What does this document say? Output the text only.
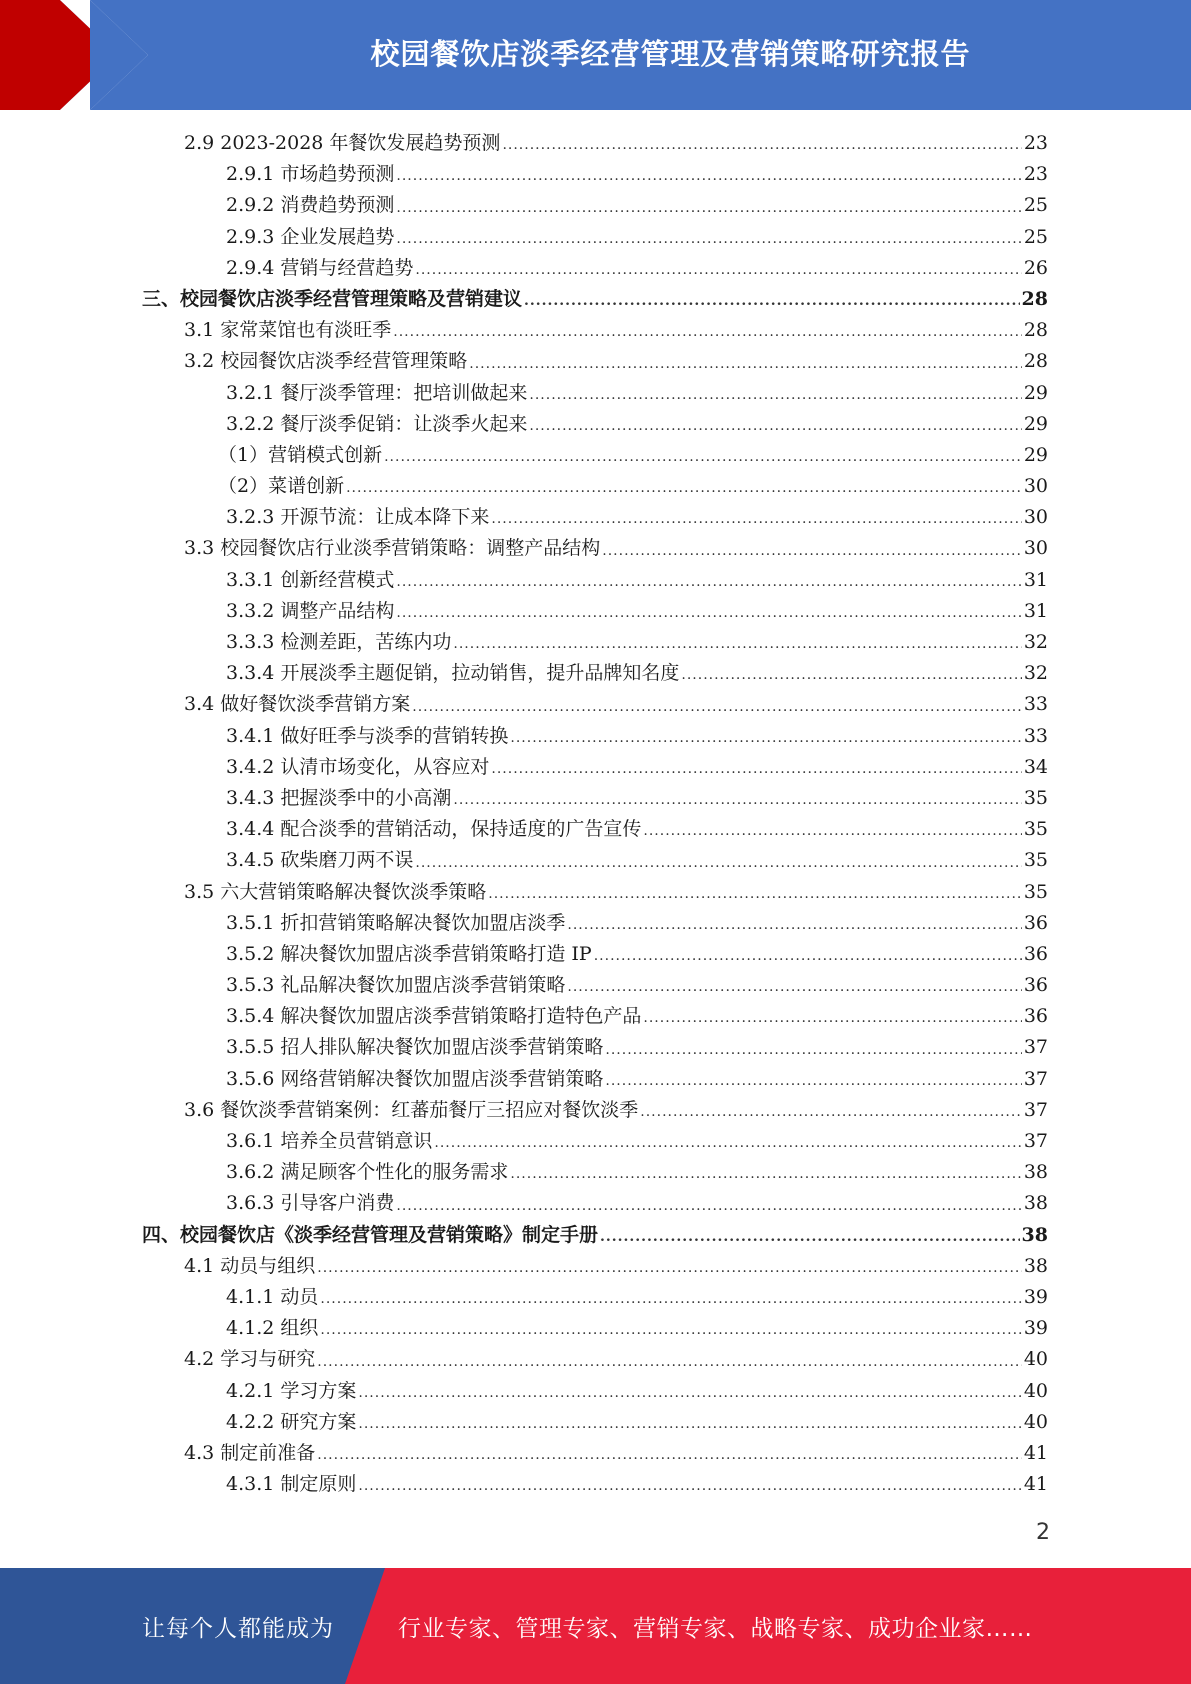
校园餐饮店淡季经营管理及营销策略研究报告
2.9 2023-2028 年餐饮发展趋势预测 .....	23
2.9.1 市场趋势预测 .....	23
2.9.2 消费趋势预测 .....	25
2.9.3 企业发展趋势 .....	25
2.9.4 营销与经营趋势 .....	26
三、校园餐饮店淡季经营管理策略及营销建议 .....	28
3.1 家常菜馆也有淡旺季 .....	28
3.2 校园餐饮店淡季经营管理策略 .....	28
3.2.1 餐厅淡季管理：把培训做起来 .....	29
3.2.2 餐厅淡季促销：让淡季火起来 .....	29
（1）营销模式创新 .....	29
（2）菜谱创新 .....	30
3.2.3 开源节流：让成本降下来 .....	30
3.3 校园餐饮店行业淡季营销策略：调整产品结构 .....	30
3.3.1 创新经营模式 .....	31
3.3.2 调整产品结构 .....	31
3.3.3 检测差距，苦练内功 .....	32
3.3.4 开展淡季主题促销，拉动销售，提升品牌知名度 .....	32
3.4 做好餐饮淡季营销方案 .....	33
3.4.1 做好旺季与淡季的营销转换 .....	33
3.4.2 认清市场变化，从容应对 .....	34
3.4.3 把握淡季中的小高潮 .....	35
3.4.4 配合淡季的营销活动，保持适度的广告宣传 .....	35
3.4.5 砍柴磨刀两不误 .....	35
3.5 六大营销策略解决餐饮淡季策略 .....	35
3.5.1 折扣营销策略解决餐饮加盟店淡季 .....	36
3.5.2 解决餐饮加盟店淡季营销策略打造 IP .....	36
3.5.3 礼品解决餐饮加盟店淡季营销策略 .....	36
3.5.4 解决餐饮加盟店淡季营销策略打造特色产品 .....	36
3.5.5 招人排队解决餐饮加盟店淡季营销策略 .....	37
3.5.6 网络营销解决餐饮加盟店淡季营销策略 .....	37
3.6 餐饮淡季营销案例：红蕃茄餐厅三招应对餐饮淡季 .....	37
3.6.1 培养全员营销意识 .....	37
3.6.2 满足顾客个性化的服务需求 .....	38
3.6.3 引导客户消费 .....	38
四、校园餐饮店《淡季经营管理及营销策略》制定手册 .....	38
4.1 动员与组织 .....	38
4.1.1 动员 .....	39
4.1.2 组织 .....	39
4.2 学习与研究 .....	40
4.2.1 学习方案 .....	40
4.2.2 研究方案 .....	40
4.3 制定前准备 .....	41
4.3.1 制定原则 .....	41
2
让每个人都能成为	行业专家、管理专家、营销专家、战略专家、成功企业家……
